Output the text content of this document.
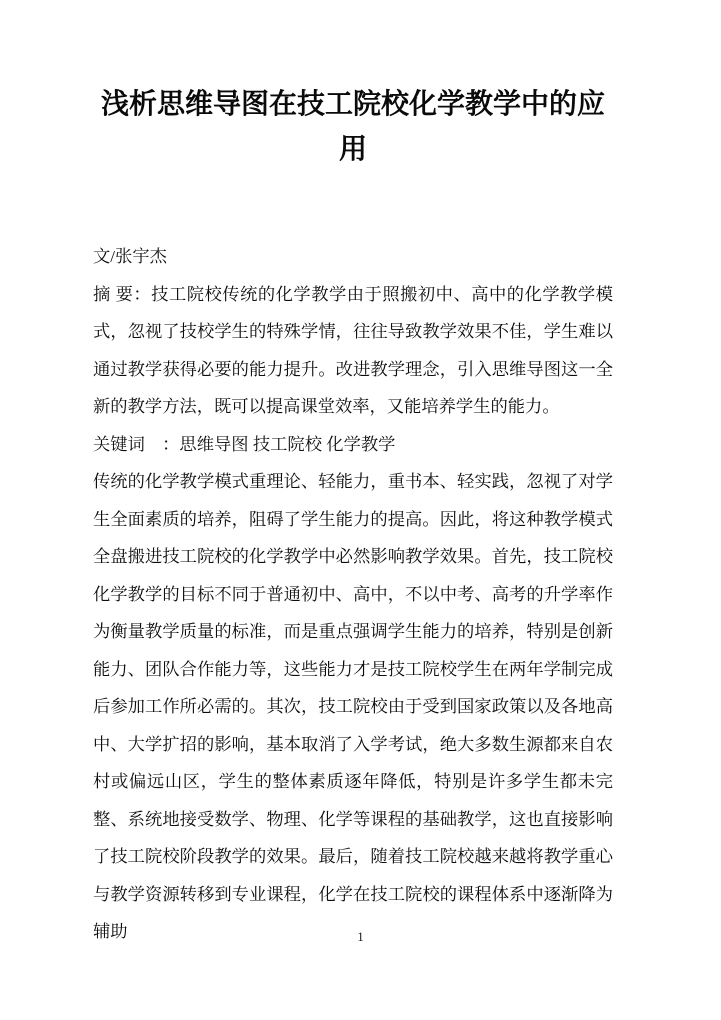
浅析思维导图在技工院校化学教学中的应用

文/张宇杰

摘 要：技工院校传统的化学教学由于照搬初中、高中的化学教学模式，忽视了技校学生的特殊学情，往往导致教学效果不佳，学生难以通过教学获得必要的能力提升。改进教学理念，引入思维导图这一全新的教学方法，既可以提高课堂效率，又能培养学生的能力。

关键词　：思维导图 技工院校 化学教学

传统的化学教学模式重理论、轻能力，重书本、轻实践，忽视了对学生全面素质的培养，阻碍了学生能力的提高。因此，将这种教学模式全盘搬进技工院校的化学教学中必然影响教学效果。首先，技工院校化学教学的目标不同于普通初中、高中，不以中考、高考的升学率作为衡量教学质量的标准，而是重点强调学生能力的培养，特别是创新能力、团队合作能力等，这些能力才是技工院校学生在两年学制完成后参加工作所必需的。其次，技工院校由于受到国家政策以及各地高中、大学扩招的影响，基本取消了入学考试，绝大多数生源都来自农村或偏远山区，学生的整体素质逐年降低，特别是许多学生都未完整、系统地接受数学、物理、化学等课程的基础教学，这也直接影响了技工院校阶段教学的效果。最后，随着技工院校越来越将教学重心与教学资源转移到专业课程，化学在技工院校的课程体系中逐渐降为辅助	1
